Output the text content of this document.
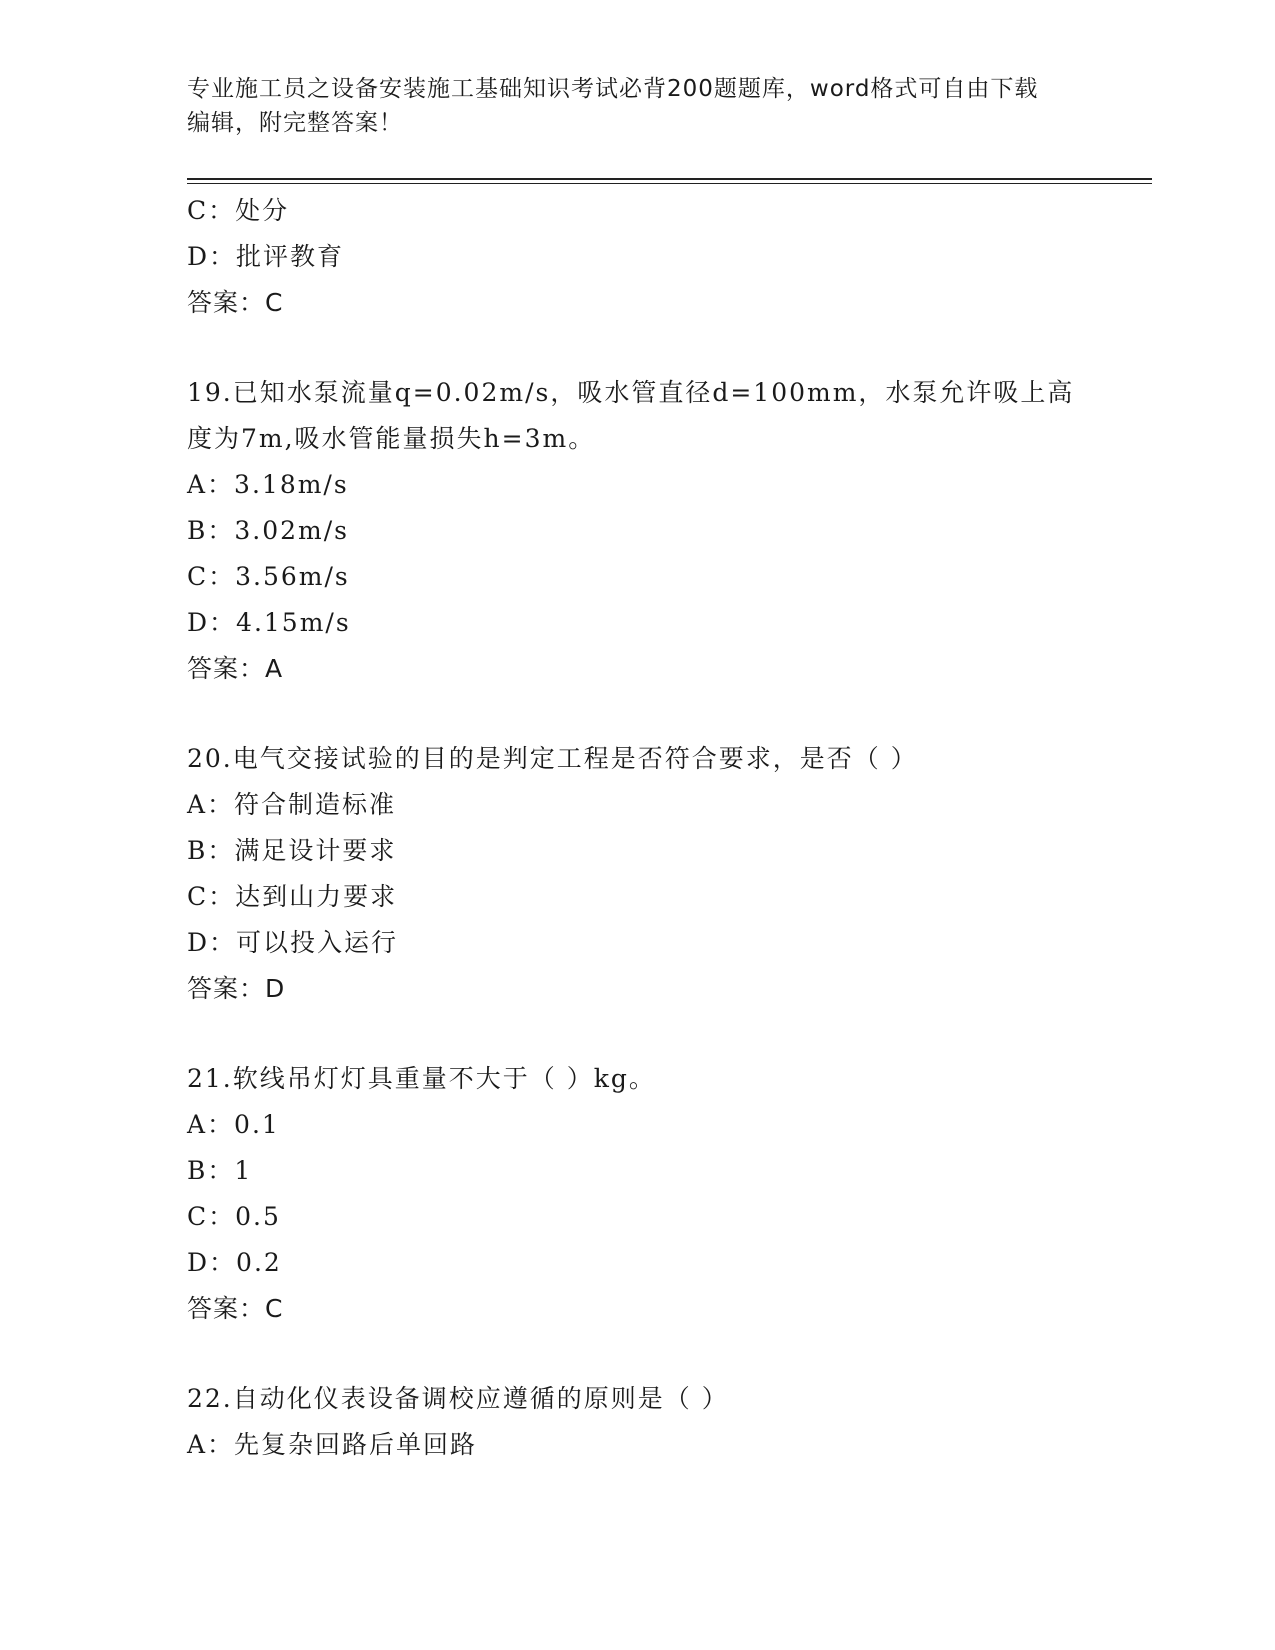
专业施工员之设备安装施工基础知识考试必背200题题库，word格式可自由下载
编辑，附完整答案！
C：处分
D：批评教育
答案：C
19.已知水泵流量q=0.02m/s，吸水管直径d=100mm，水泵允许吸上高
度为7m,吸水管能量损失h=3m。
A：3.18m/s
B：3.02m/s
C：3.56m/s
D：4.15m/s
答案：A
20.电气交接试验的目的是判定工程是否符合要求，是否（ ）
A：符合制造标准
B：满足设计要求
C：达到山力要求
D：可以投入运行
答案：D
21.软线吊灯灯具重量不大于（ ）kg。
A：0.1
B：1
C：0.5
D：0.2
答案：C
22.自动化仪表设备调校应遵循的原则是（ ）
A：先复杂回路后单回路
